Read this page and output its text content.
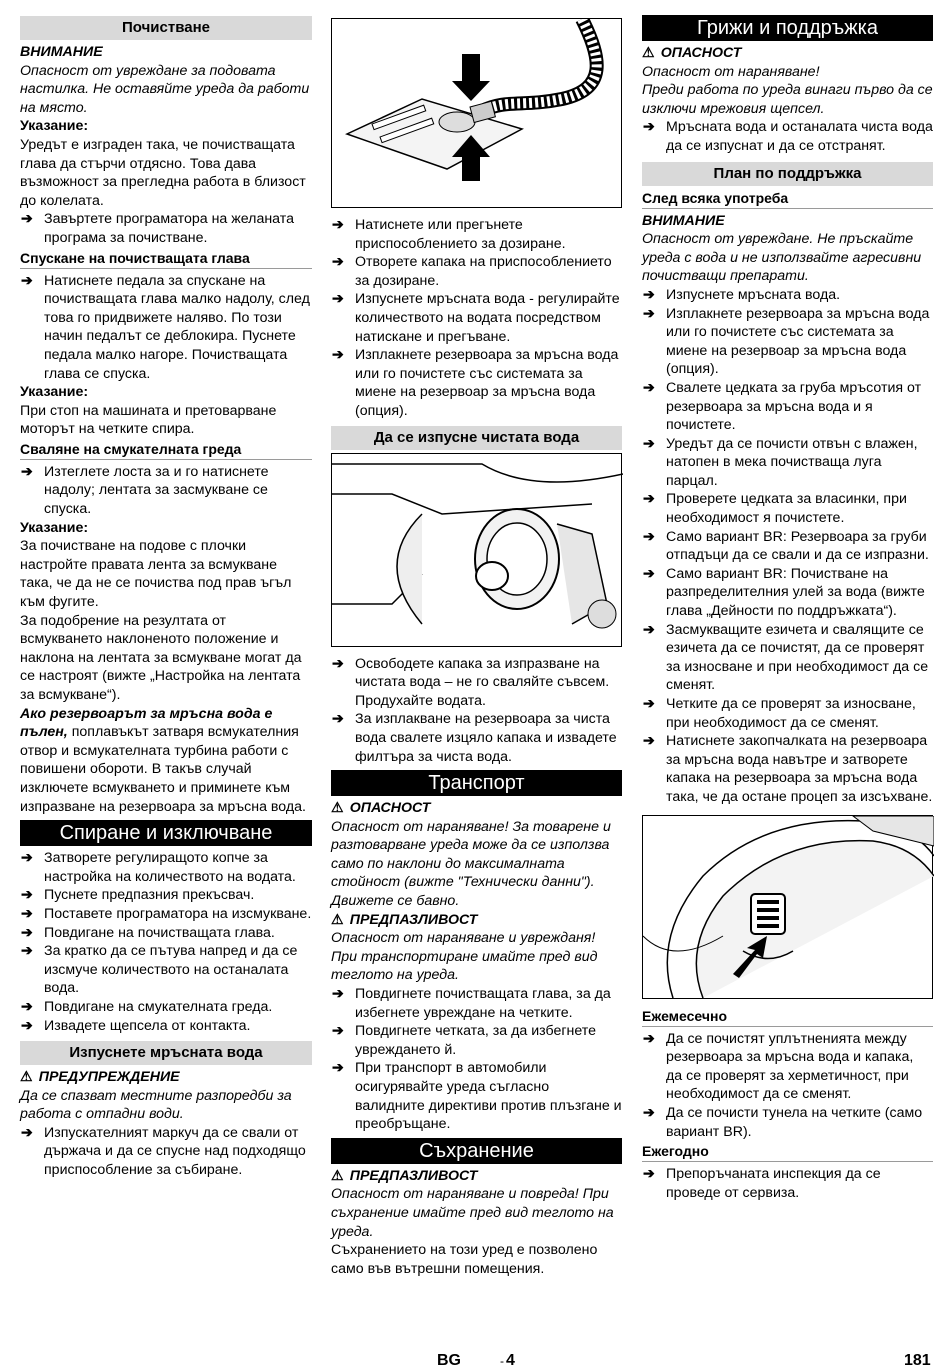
Почистване

ВНИМАНИЕ

Опасност от увреждане за подовата настилка. Не оставяйте уреда да работи на място.

Указание:

Уредът е изграден така, че почистващата глава да стърчи отдясно. Това дава възможност за прегледна работа в близост до колелата.

➔ Завъртете програматора на желаната програма за почистване.
Спускане на почистващата глава
➔ Натиснете педала за спускане на почистващата глава малко надолу, след това го придвижете наляво. По този начин педалът се деблокира. Пуснете педала малко нагоре. Почистващата глава се спуска.

Указание:

При стоп на машината и претоварване моторът на четките спира.

Сваляне на смукателната греда
➔ Изтеглете лоста за и го натиснете надолу; лентата за засмукване се спуска.

Указание:

За почистване на подове с плочки настройте правата лента за всмукване така, че да не се почиства под прав ъгъл към фугите.

За подобрение на резултата от всмукването наклоненото положение и наклона на лентата за всмукване могат да се настроят (вижте „Настройка на лентата за всмукване“).

Ако резервоарът за мръсна вода е пълен, поплавъкът затваря всмукателния отвор и всмукателната турбина работи с повишени обороти. В такъв случай изключете всмукването и приминете към изпразване на резервоара за мръсна вода.

Спиране и изключване
➔ Затворете регулиращото копче за настройка на количеството на водата.
➔ Пуснете предпазния прекъсвач.
➔ Поставете програматора на изсмукване.
➔ Повдигане на почистващата глава.
➔ За кратко да се пътува напред и да се изсмуче количеството на останалата вода.
➔ Повдигане на смукателната греда.
➔ Извадете щепсела от контакта.
Изпуснете мръсната вода

⚠ ПРЕДУПРЕЖДЕНИЕ

Да се спазват местните разпоредби за работа с отпадни води.

➔ Изпускателният маркуч да се свали от държача и да се спусне над подходящо приспособление за събиране.
➔ Натиснете или прегънете приспособлението за дозиране.
➔ Отворете капака на приспособлението за дозиране.
➔ Изпуснете мръсната вода - регулирайте количеството на водата посредством натискане и прегъване.
➔ Изплакнете резервоара за мръсна вода или го почистете със системата за миене на резервоар за мръсна вода (опция).
Да се изпусне чистата вода
➔ Освободете капака за изпразване на чистата вода – не го сваляйте съвсем. Продухайте водата.
➔ За изплакване на резервоара за чиста вода свалете изцяло капака и извадете филтъра за чиста вода.
Транспорт

⚠ ОПАСНОСТ

Опасност от нараняване! За товарене и разтоварване уреда може да се използва само по наклони до максималната стойност (вижте "Технически данни"). Движете се бавно.

⚠ ПРЕДПАЗЛИВОСТ

Опасност от нараняване и уврежданя! При транспортиране имайте пред вид теглото на уреда.

➔ Повдигнете почистващата глава, за да избегнете увреждане на четките.
➔ Повдигнете четката, за да избегнете увреждането й.
➔ При транспорт в автомобили осигурявайте уреда съгласно валидните директиви против плъзгане и преобръщане.
Съхранение

⚠ ПРЕДПАЗЛИВОСТ

Опасност от нараняване и повреда! При съхранение имайте пред вид теглото на уреда.

Съхранението на този уред е позволено само във вътрешни помещения.

Грижи и поддръжка

⚠ ОПАСНОСТ

Опасност от нараняване!

Преди работа по уреда винаги първо да се изключи мрежовия щепсел.

➔ Мръсната вода и останалата чиста вода да се изпуснат и да се отстранят.
План по поддръжка
След всяка употреба

ВНИМАНИЕ

Опасност от увреждане. Не пръскайте уреда с вода и не използвайте агресивни почистващи препарати.

➔ Изпуснете мръсната вода.
➔ Изплакнете резервоара за мръсна вода или го почистете със системата за миене на резервоар за мръсна вода (опция).
➔ Свалете цедката за груба мръсотия от резервоара за мръсна вода и я почистете.
➔ Уредът да се почисти отвън с влажен, натопен в мека почистваща луга парцал.
➔ Проверете цедката за власинки, при необходимост я почистете.
➔ Само вариант BR: Резервоара за груби отпадъци да се свали и да се изпразни.
➔ Само вариант BR: Почистване на разпределителния улей за вода (вижте глава „Дейности по поддръжката“).
➔ Засмукващите езичета и свалящите се езичета да се почистят, да се проверят за износване и при необходимост да се сменят.
➔ Четките да се проверят за износване, при необходимост да се сменят.
➔ Натиснете закопчалката на резервоара за мръсна вода навътре и затворете капака на резервоара за мръсна вода така, че да остане процеп за изсъхване.
Ежемесечно
➔ Да се почистят уплътненията между резервоара за мръсна вода и капака, да се проверят за херметичност, при необходимост да се сменят.
➔ Да се почисти тунела на четките (само вариант BR).
Ежегодно
➔ Препоръчаната инспекция да се проведе от сервиза.
BG	- 4	181
